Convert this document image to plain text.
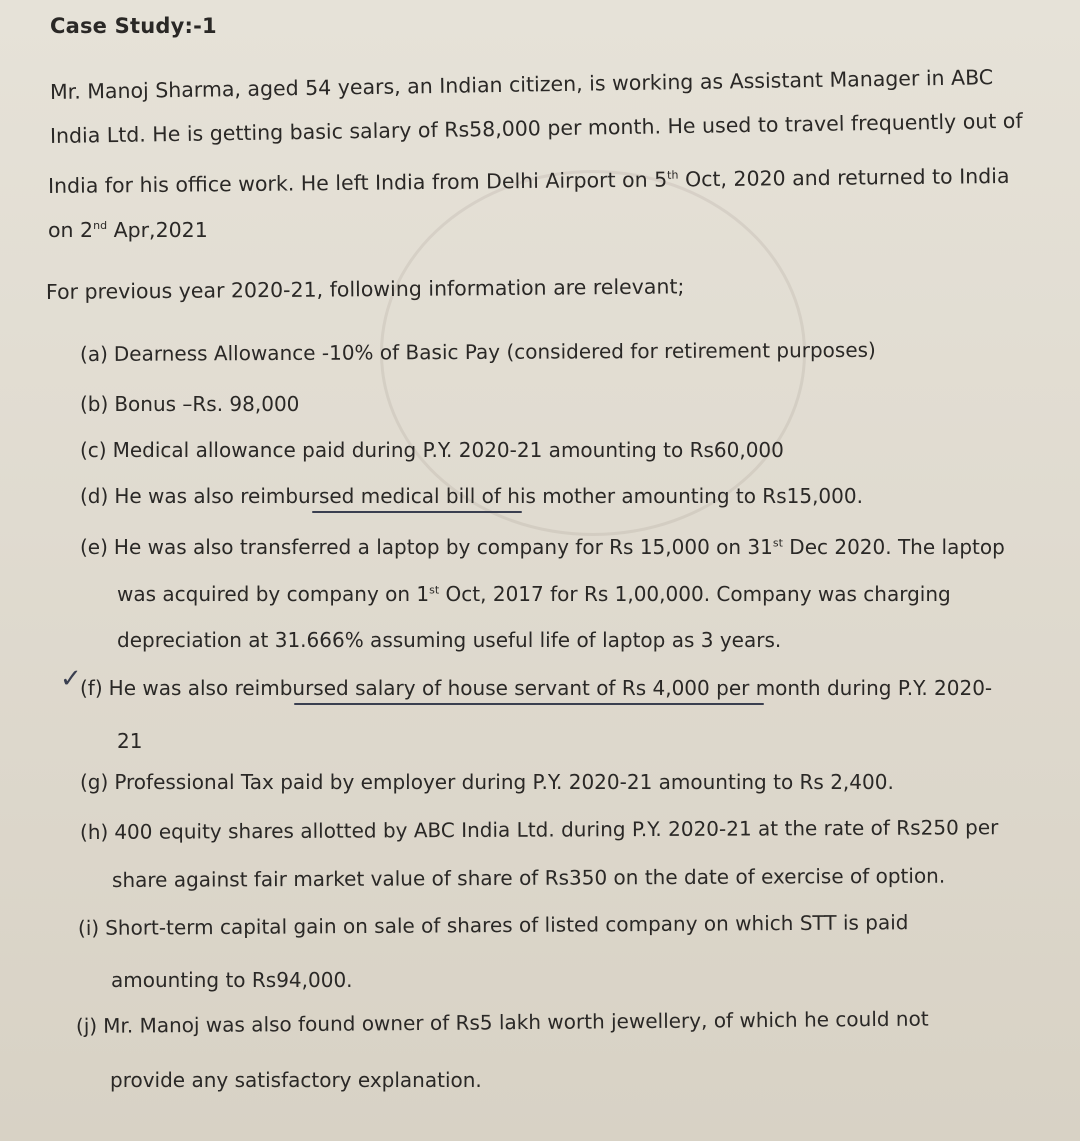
Case Study:-1
Mr. Manoj Sharma, aged 54 years, an Indian citizen, is working as Assistant Manager in ABC
India Ltd. He is getting basic salary of Rs58,000 per month. He used to travel frequently out of
India for his office work. He left India from Delhi Airport on 5th Oct, 2020 and returned to India
on 2nd Apr,2021
For previous year 2020-21, following information are relevant;
(a) Dearness Allowance -10% of Basic Pay (considered for retirement purposes)
(b) Bonus –Rs. 98,000
(c) Medical allowance paid during P.Y. 2020-21 amounting to Rs60,000
(d) He was also reimbursed medical bill of his mother amounting to Rs15,000.
(e) He was also transferred a laptop by company for Rs 15,000 on 31st Dec 2020. The laptop
was acquired by company on 1st Oct, 2017 for Rs 1,00,000. Company was charging
depreciation at 31.666% assuming useful life of laptop as 3 years.
✓
(f) He was also reimbursed salary of house servant of Rs 4,000 per month during P.Y. 2020-
21
(g) Professional Tax paid by employer during P.Y. 2020-21 amounting to Rs 2,400.
(h) 400 equity shares allotted by ABC India Ltd. during P.Y. 2020-21 at the rate of Rs250 per
share against fair market value of share of Rs350 on the date of exercise of option.
(i) Short-term capital gain on sale of shares of listed company on which STT is paid
amounting to Rs94,000.
(j) Mr. Manoj was also found owner of Rs5 lakh worth jewellery, of which he could not
provide any satisfactory explanation.
